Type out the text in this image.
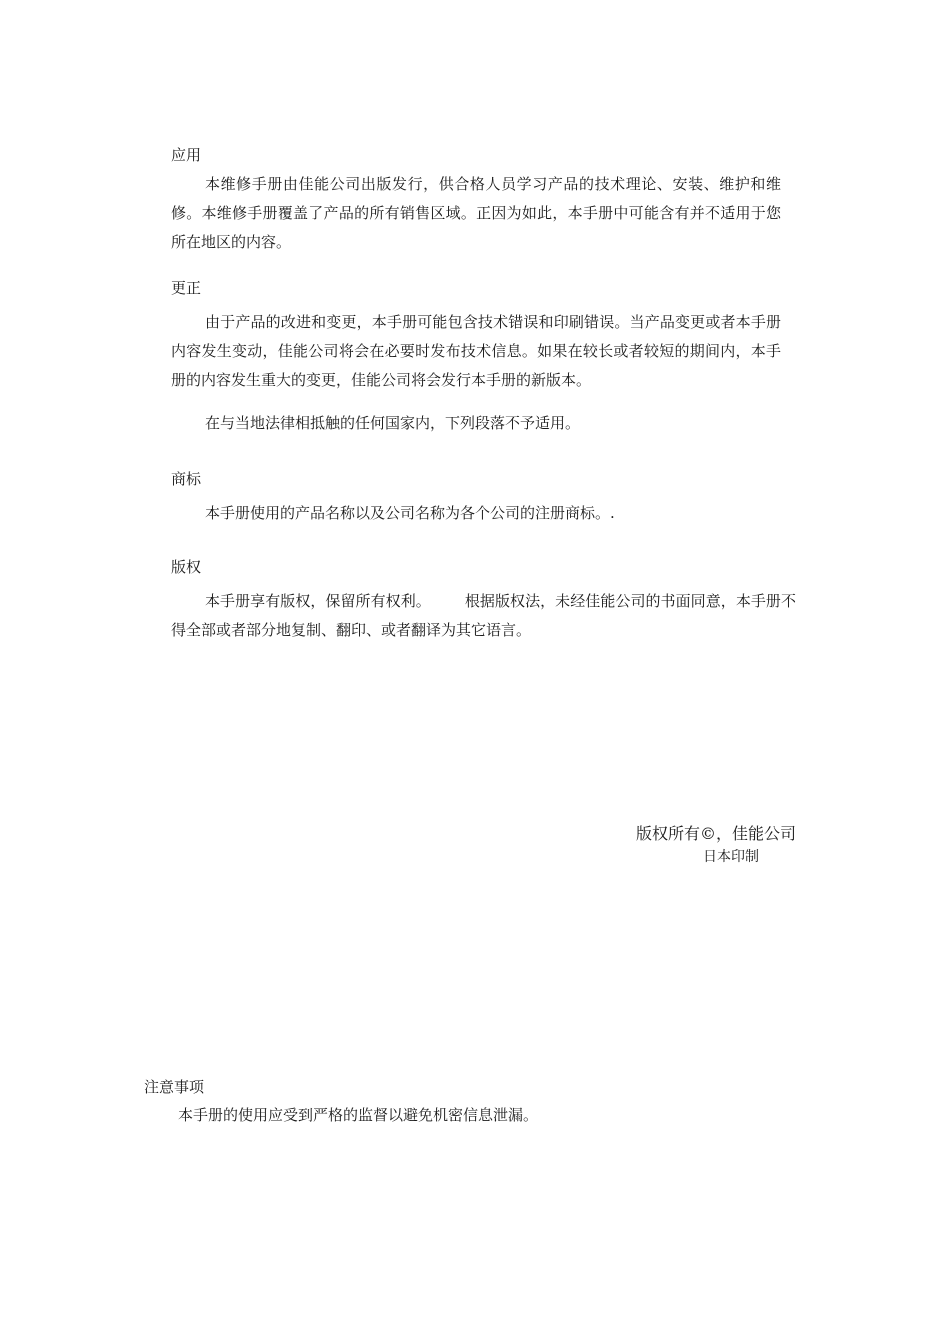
应用

本维修手册由佳能公司出版发行，供合格人员学习产品的技术理论、安装、维护和维修。本维修手册覆盖了产品的所有销售区域。正因为如此，本手册中可能含有并不适用于您所在地区的内容。

更正

由于产品的改进和变更，本手册可能包含技术错误和印刷错误。当产品变更或者本手册内容发生变动，佳能公司将会在必要时发布技术信息。如果在较长或者较短的期间内，本手册的内容发生重大的变更，佳能公司将会发行本手册的新版本。

在与当地法律相抵触的任何国家内，下列段落不予适用。

商标

本手册使用的产品名称以及公司名称为各个公司的注册商标。.

版权

本手册享有版权，保留所有权利。 根据版权法，未经佳能公司的书面同意，本手册不得全部或者部分地复制、翻印、或者翻译为其它语言。

版权所有©，佳能公司
日本印制
注意事项

本手册的使用应受到严格的监督以避免机密信息泄漏。
